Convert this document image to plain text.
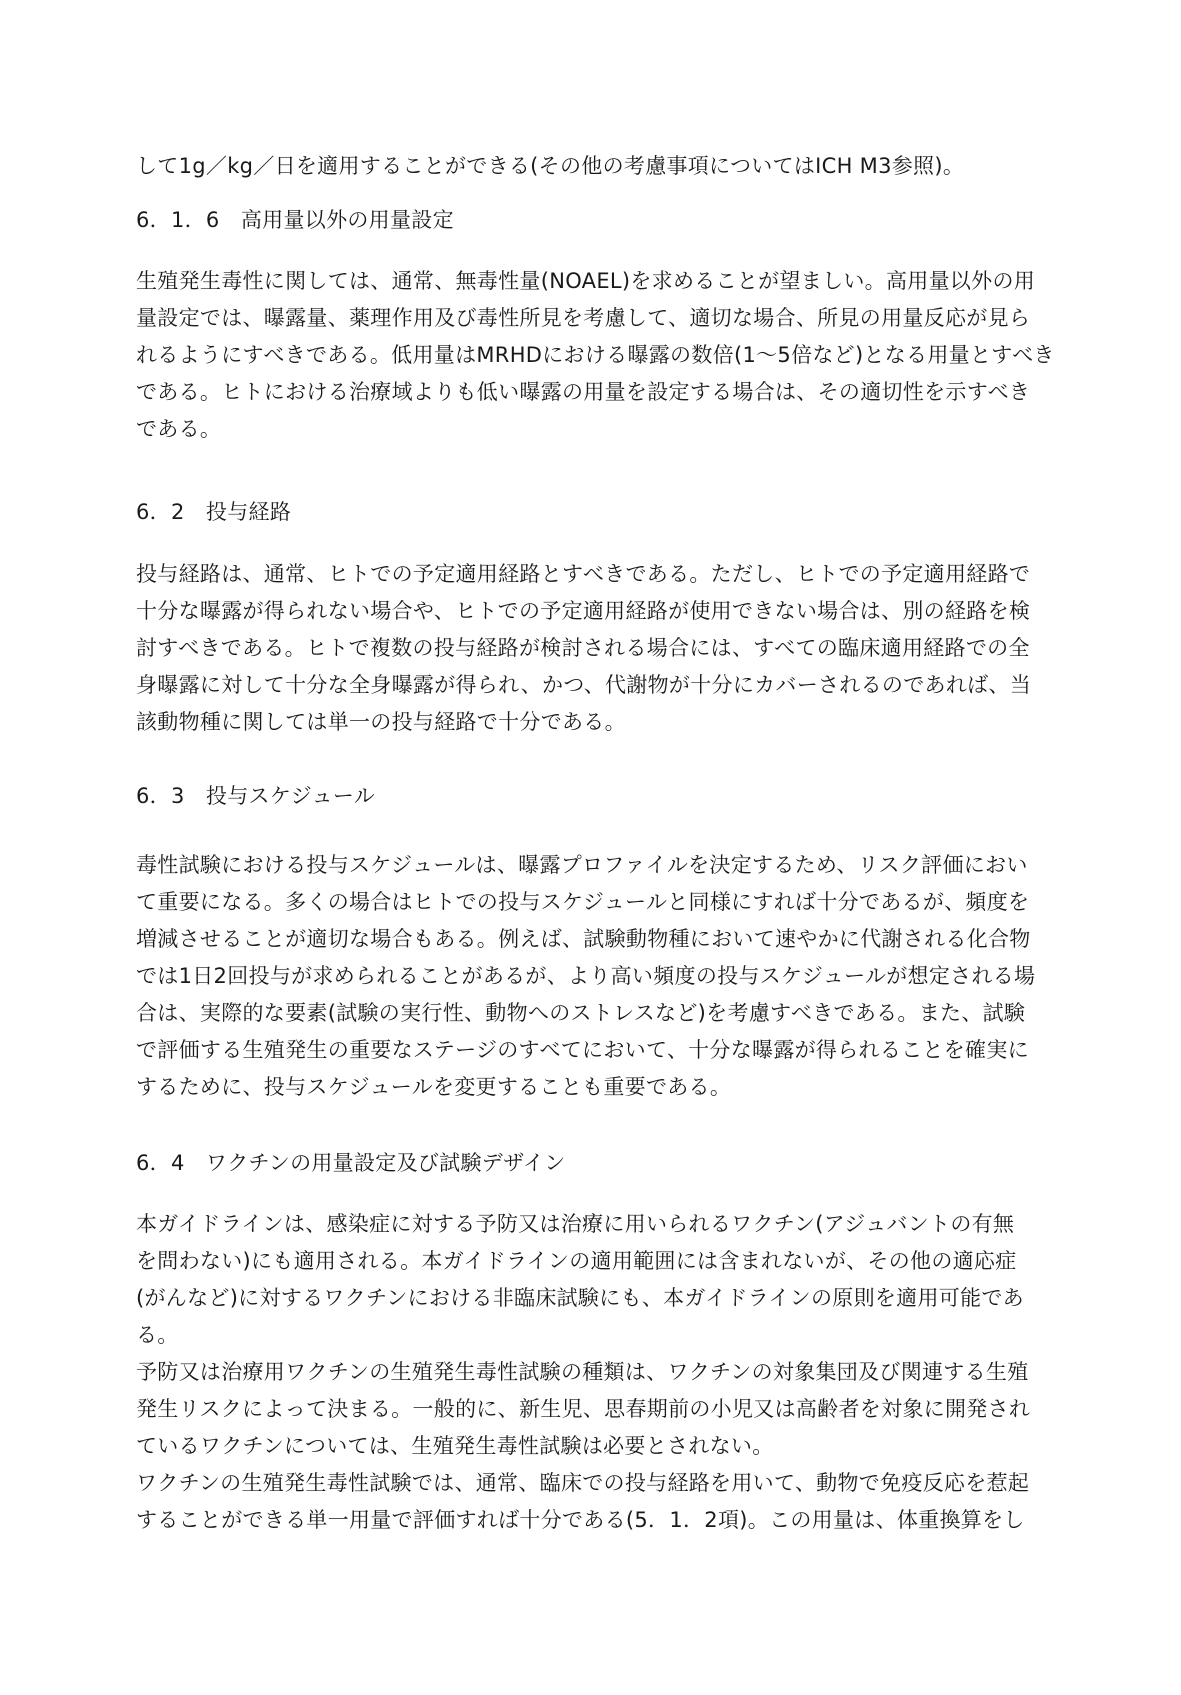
して1g／kg／日を適用することができる(その他の考慮事項についてはICH M3参照)。
6．1．6　高用量以外の用量設定
生殖発生毒性に関しては、通常、無毒性量(NOAEL)を求めることが望ましい。高用量以外の用
量設定では、曝露量、薬理作用及び毒性所見を考慮して、適切な場合、所見の用量反応が見ら
れるようにすべきである。低用量はMRHDにおける曝露の数倍(1～5倍など)となる用量とすべき
である。ヒトにおける治療域よりも低い曝露の用量を設定する場合は、その適切性を示すべき
である。
6．2　投与経路
投与経路は、通常、ヒトでの予定適用経路とすべきである。ただし、ヒトでの予定適用経路で
十分な曝露が得られない場合や、ヒトでの予定適用経路が使用できない場合は、別の経路を検
討すべきである。ヒトで複数の投与経路が検討される場合には、すべての臨床適用経路での全
身曝露に対して十分な全身曝露が得られ、かつ、代謝物が十分にカバーされるのであれば、当
該動物種に関しては単一の投与経路で十分である。
6．3　投与スケジュール
毒性試験における投与スケジュールは、曝露プロファイルを決定するため、リスク評価におい
て重要になる。多くの場合はヒトでの投与スケジュールと同様にすれば十分であるが、頻度を
増減させることが適切な場合もある。例えば、試験動物種において速やかに代謝される化合物
では1日2回投与が求められることがあるが、より高い頻度の投与スケジュールが想定される場
合は、実際的な要素(試験の実行性、動物へのストレスなど)を考慮すべきである。また、試験
で評価する生殖発生の重要なステージのすべてにおいて、十分な曝露が得られることを確実に
するために、投与スケジュールを変更することも重要である。
6．4　ワクチンの用量設定及び試験デザイン
本ガイドラインは、感染症に対する予防又は治療に用いられるワクチン(アジュバントの有無
を問わない)にも適用される。本ガイドラインの適用範囲には含まれないが、その他の適応症
(がんなど)に対するワクチンにおける非臨床試験にも、本ガイドラインの原則を適用可能であ
る。
予防又は治療用ワクチンの生殖発生毒性試験の種類は、ワクチンの対象集団及び関連する生殖
発生リスクによって決まる。一般的に、新生児、思春期前の小児又は高齢者を対象に開発され
ているワクチンについては、生殖発生毒性試験は必要とされない。
ワクチンの生殖発生毒性試験では、通常、臨床での投与経路を用いて、動物で免疫反応を惹起
することができる単一用量で評価すれば十分である(5．1．2項)。この用量は、体重換算をし
